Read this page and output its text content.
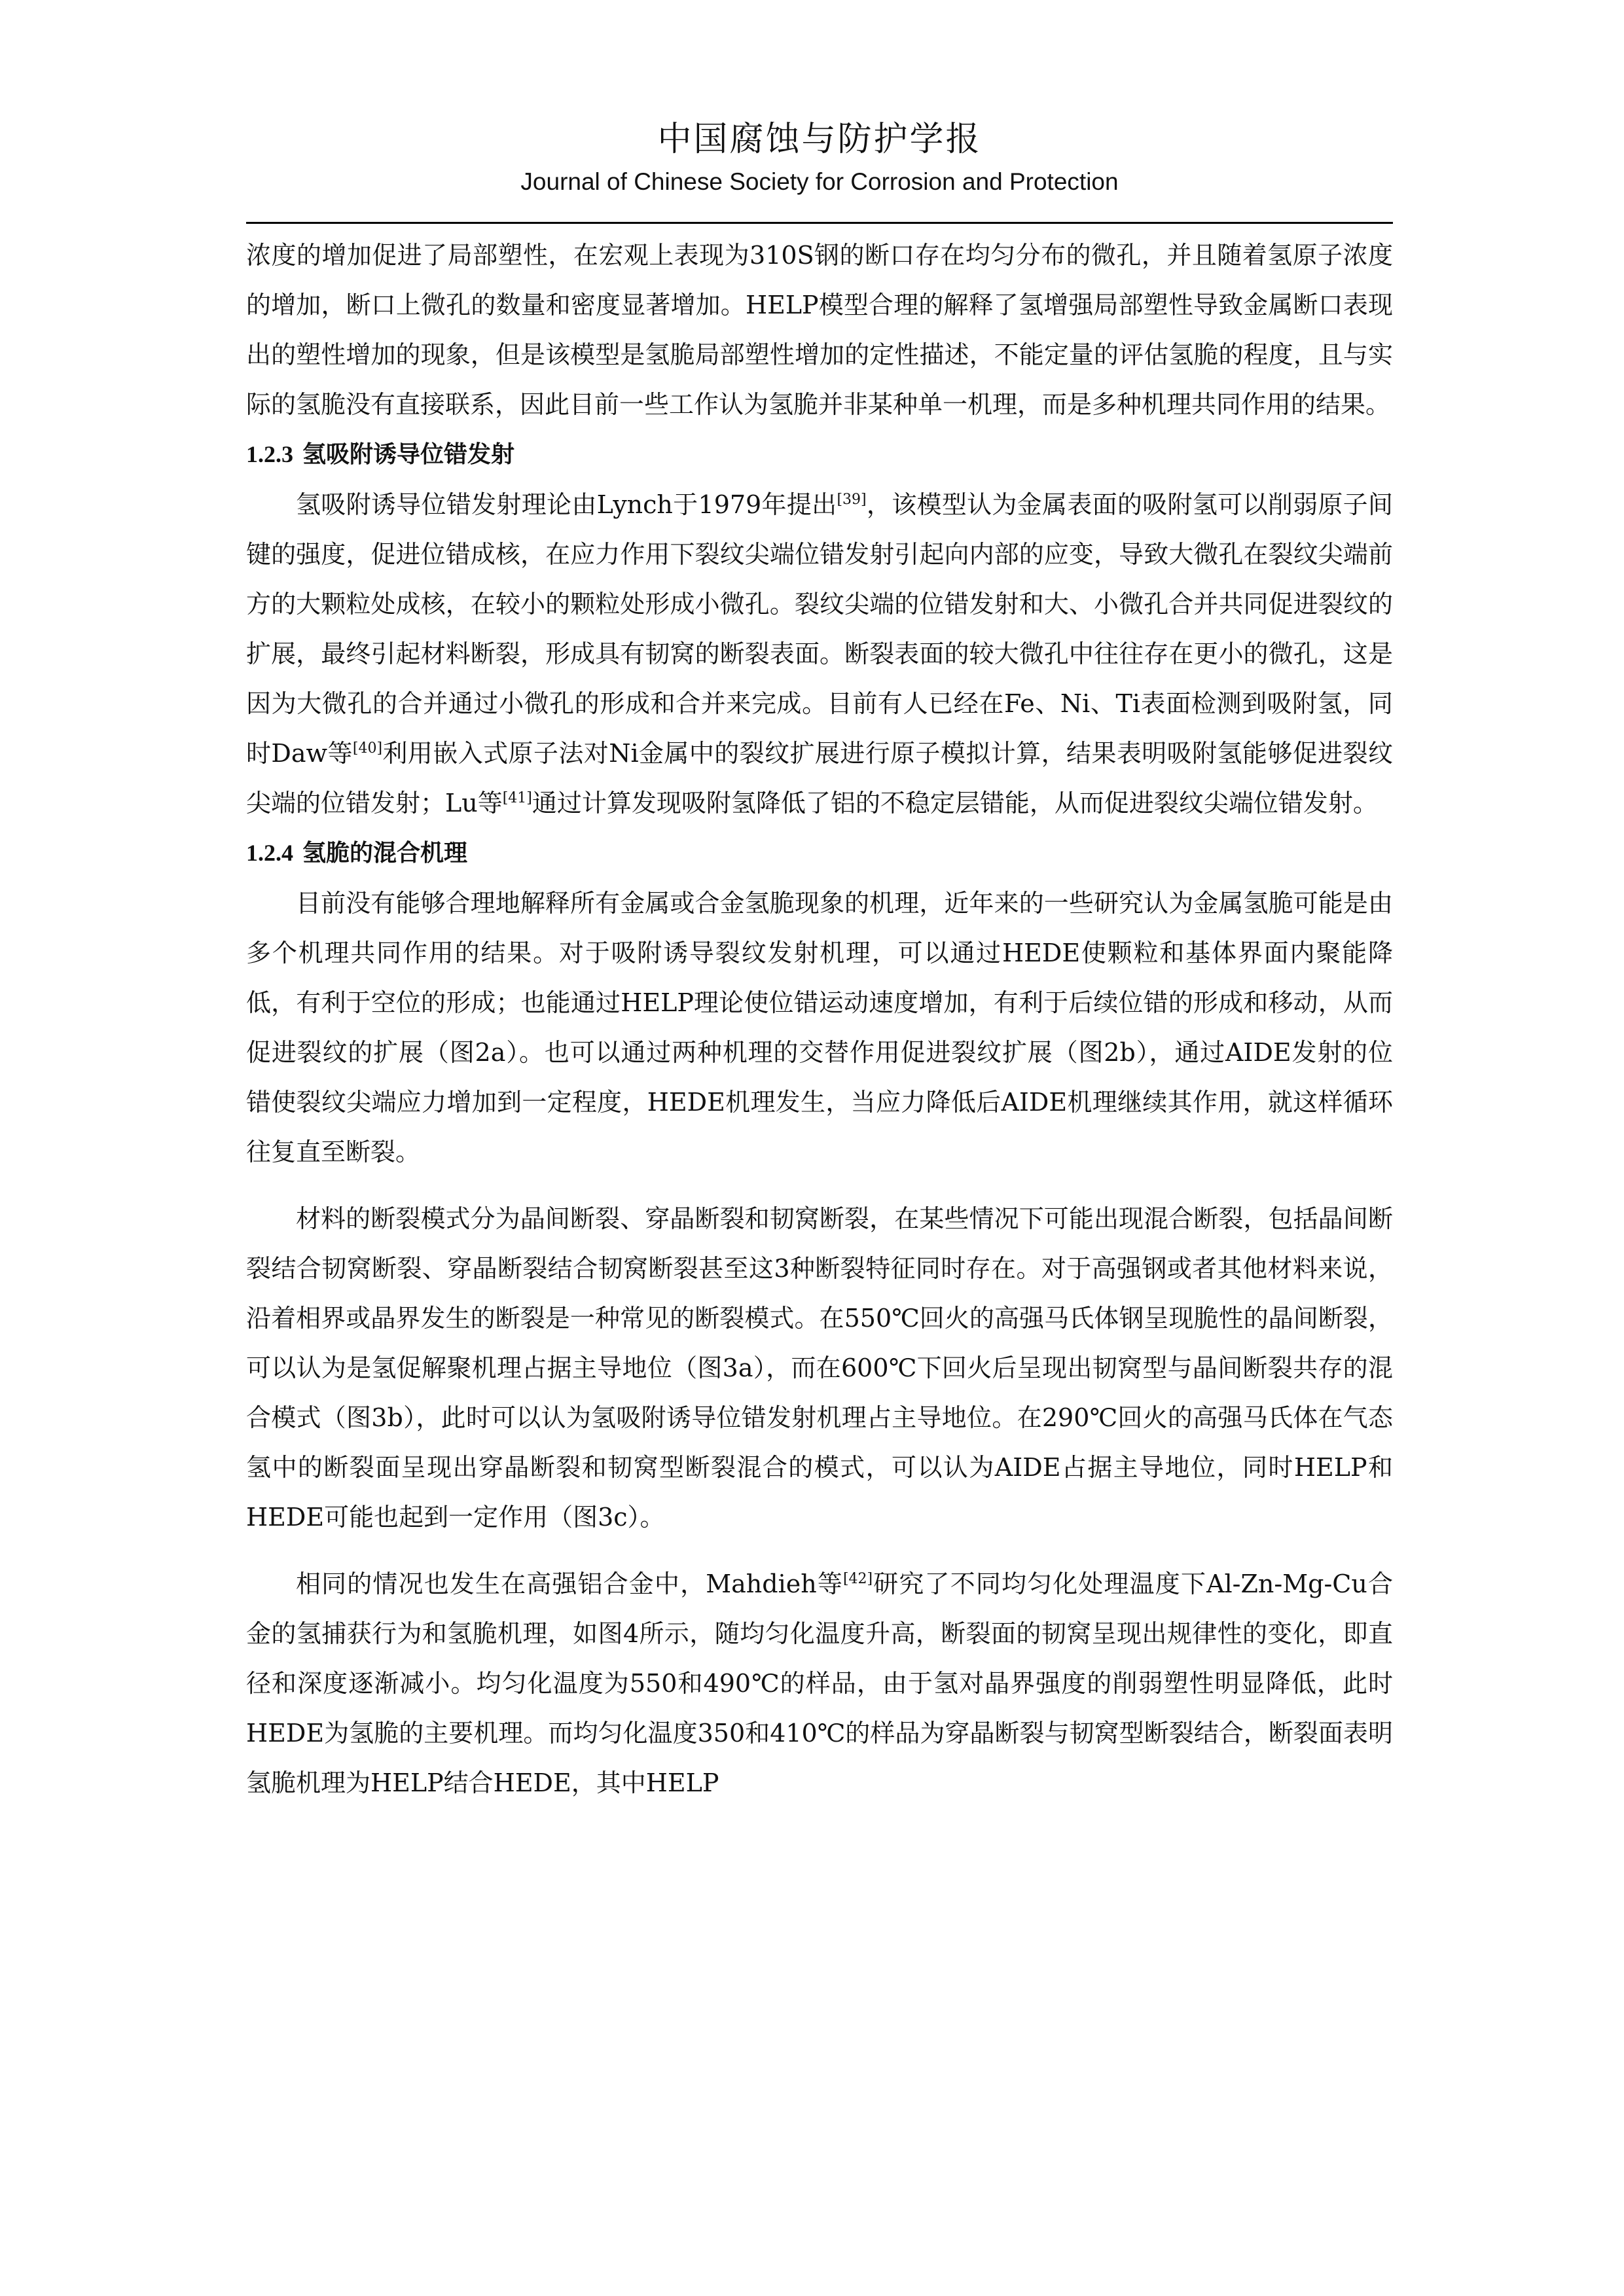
中国腐蚀与防护学报
Journal of Chinese Society for Corrosion and Protection

浓度的增加促进了局部塑性，在宏观上表现为310S钢的断口存在均匀分布的微孔，并且随着氢原子浓度的增加，断口上微孔的数量和密度显著增加。HELP模型合理的解释了氢增强局部塑性导致金属断口表现出的塑性增加的现象，但是该模型是氢脆局部塑性增加的定性描述，不能定量的评估氢脆的程度，且与实际的氢脆没有直接联系，因此目前一些工作认为氢脆并非某种单一机理，而是多种机理共同作用的结果。

1.2.3 氢吸附诱导位错发射

氢吸附诱导位错发射理论由Lynch于1979年提出[39]，该模型认为金属表面的吸附氢可以削弱原子间键的强度，促进位错成核，在应力作用下裂纹尖端位错发射引起向内部的应变，导致大微孔在裂纹尖端前方的大颗粒处成核，在较小的颗粒处形成小微孔。裂纹尖端的位错发射和大、小微孔合并共同促进裂纹的扩展，最终引起材料断裂，形成具有韧窝的断裂表面。断裂表面的较大微孔中往往存在更小的微孔，这是因为大微孔的合并通过小微孔的形成和合并来完成。目前有人已经在Fe、Ni、Ti表面检测到吸附氢，同时Daw等[40]利用嵌入式原子法对Ni金属中的裂纹扩展进行原子模拟计算，结果表明吸附氢能够促进裂纹尖端的位错发射；Lu等[41]通过计算发现吸附氢降低了铝的不稳定层错能，从而促进裂纹尖端位错发射。

1.2.4 氢脆的混合机理

目前没有能够合理地解释所有金属或合金氢脆现象的机理，近年来的一些研究认为金属氢脆可能是由多个机理共同作用的结果。对于吸附诱导裂纹发射机理，可以通过HEDE使颗粒和基体界面内聚能降低，有利于空位的形成；也能通过HELP理论使位错运动速度增加，有利于后续位错的形成和移动，从而促进裂纹的扩展（图2a）。也可以通过两种机理的交替作用促进裂纹扩展（图2b），通过AIDE发射的位错使裂纹尖端应力增加到一定程度，HEDE机理发生，当应力降低后AIDE机理继续其作用，就这样循环往复直至断裂。

材料的断裂模式分为晶间断裂、穿晶断裂和韧窝断裂，在某些情况下可能出现混合断裂，包括晶间断裂结合韧窝断裂、穿晶断裂结合韧窝断裂甚至这3种断裂特征同时存在。对于高强钢或者其他材料来说，沿着相界或晶界发生的断裂是一种常见的断裂模式。在550℃回火的高强马氏体钢呈现脆性的晶间断裂，可以认为是氢促解聚机理占据主导地位（图3a），而在600℃下回火后呈现出韧窝型与晶间断裂共存的混合模式（图3b），此时可以认为氢吸附诱导位错发射机理占主导地位。在290℃回火的高强马氏体在气态氢中的断裂面呈现出穿晶断裂和韧窝型断裂混合的模式，可以认为AIDE占据主导地位，同时HELP和HEDE可能也起到一定作用（图3c）。

相同的情况也发生在高强铝合金中，Mahdieh等[42]研究了不同均匀化处理温度下Al-Zn-Mg-Cu合金的氢捕获行为和氢脆机理，如图4所示，随均匀化温度升高，断裂面的韧窝呈现出规律性的变化，即直径和深度逐渐减小。均匀化温度为550和490℃的样品，由于氢对晶界强度的削弱塑性明显降低，此时HEDE为氢脆的主要机理。而均匀化温度350和410℃的样品为穿晶断裂与韧窝型断裂结合，断裂面表明氢脆机理为HELP结合HEDE，其中HELP
